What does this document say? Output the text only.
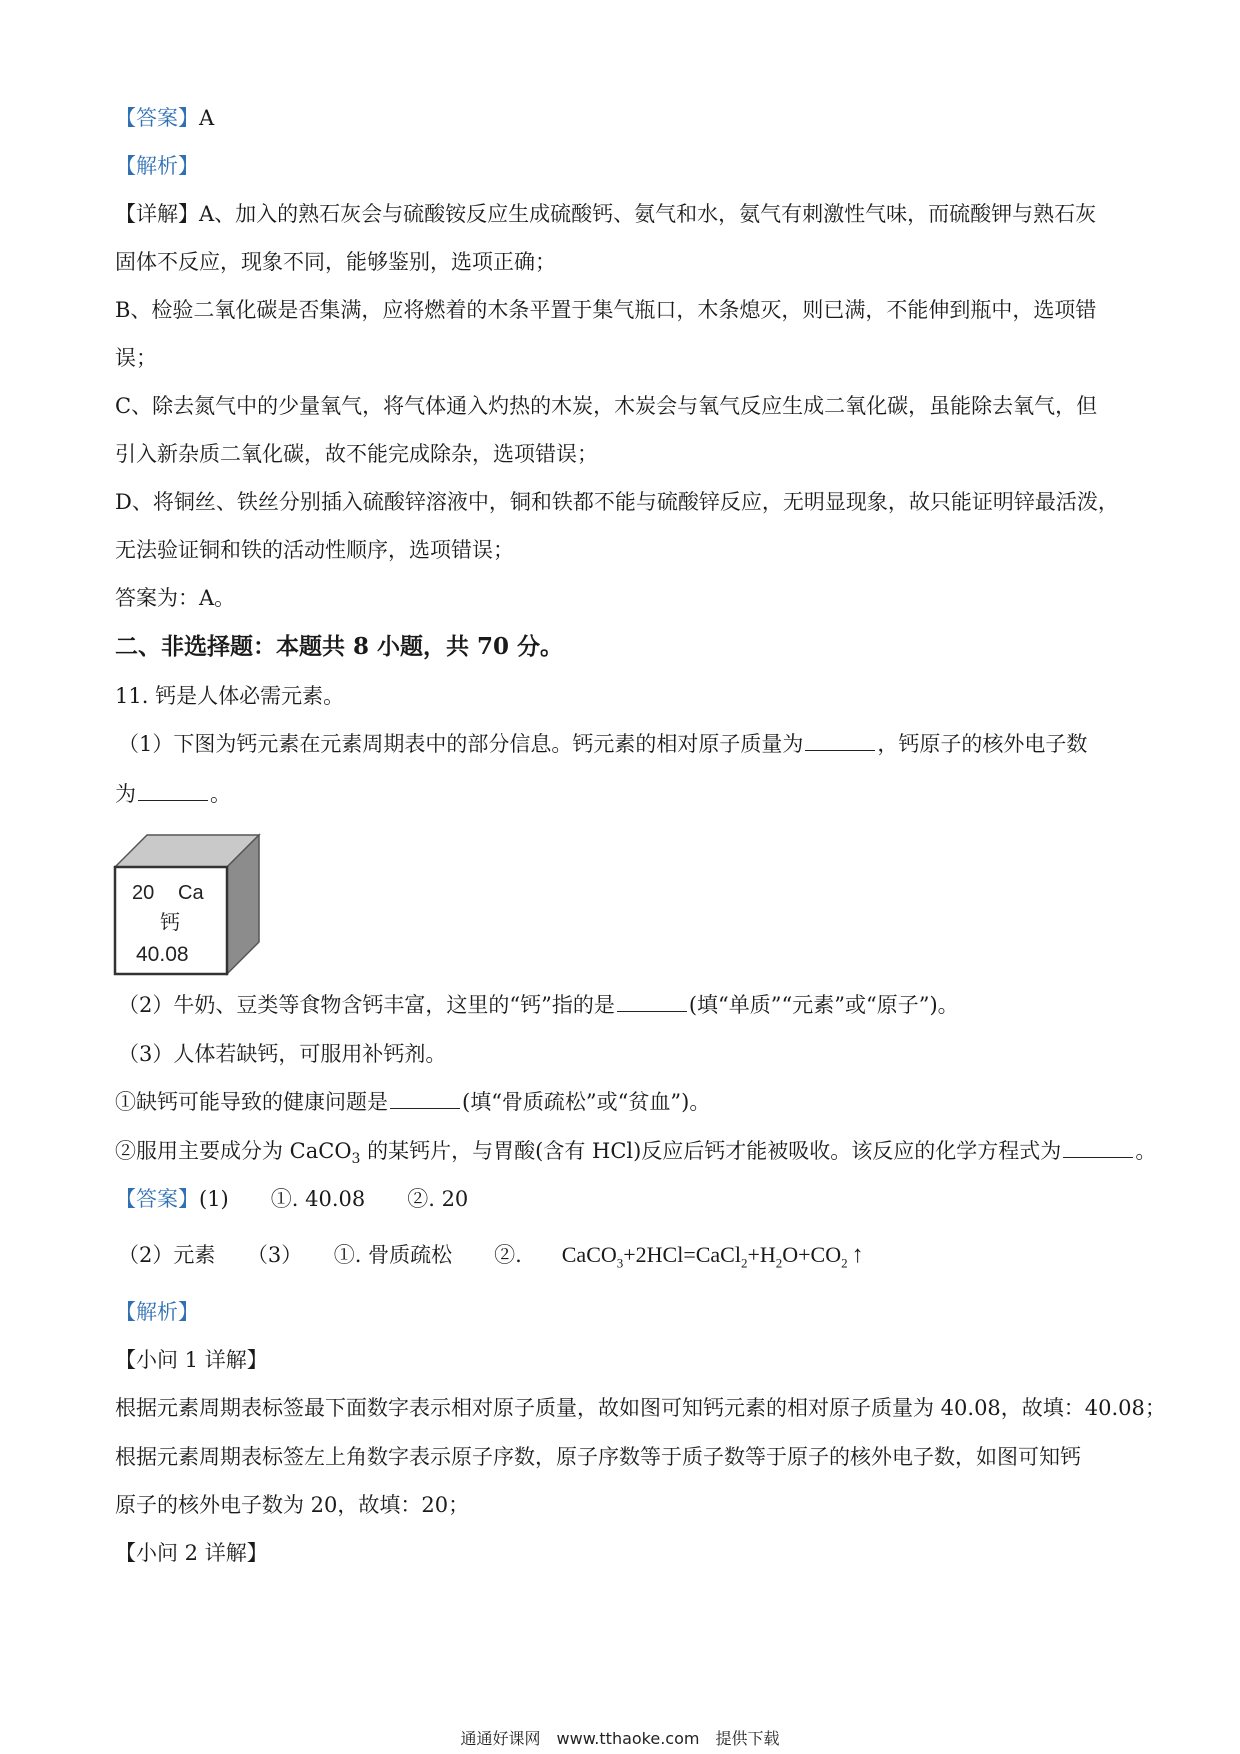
【答案】A
【解析】
【详解】A、加入的熟石灰会与硫酸铵反应生成硫酸钙、氨气和水，氨气有刺激性气味，而硫酸钾与熟石灰
固体不反应，现象不同，能够鉴别，选项正确；
B、检验二氧化碳是否集满，应将燃着的木条平置于集气瓶口，木条熄灭，则已满，不能伸到瓶中，选项错
误；
C、除去氮气中的少量氧气，将气体通入灼热的木炭，木炭会与氧气反应生成二氧化碳，虽能除去氧气，但
引入新杂质二氧化碳，故不能完成除杂，选项错误；
D、将铜丝、铁丝分别插入硫酸锌溶液中，铜和铁都不能与硫酸锌反应，无明显现象，故只能证明锌最活泼，
无法验证铜和铁的活动性顺序，选项错误；
答案为：A。
二、非选择题：本题共 8 小题，共 70 分。
11. 钙是人体必需元素。
（1）下图为钙元素在元素周期表中的部分信息。钙元素的相对原子质量为	，钙原子的核外电子数
为	。
20 Ca
钙
40.08
（2）牛奶、豆类等食物含钙丰富，这里的“钙”指的是	(填“单质”“元素”或“原子”)。
（3）人体若缺钙，可服用补钙剂。
①缺钙可能导致的健康问题是	(填“骨质疏松”或“贫血”)。
②服用主要成分为 CaCO$_3$ 的某钙片，与胃酸(含有 HCl)反应后钙才能被吸收。该反应的化学方程式为	。
【答案】(1)　　①. 40.08　　②. 20
（2）元素　　（3）　　①. 骨质疏松　　②. $CaCO_3+2HCl=CaCl_2+H_2O+CO_2$ ↑
【解析】
【小问 1 详解】
根据元素周期表标签最下面数字表示相对原子质量，故如图可知钙元素的相对原子质量为 40.08，故填：40.08；
根据元素周期表标签左上角数字表示原子序数，原子序数等于质子数等于原子的核外电子数，如图可知钙
原子的核外电子数为 20，故填：20；
【小问 2 详解】
通通好课网　www.tthaoke.com　提供下载
